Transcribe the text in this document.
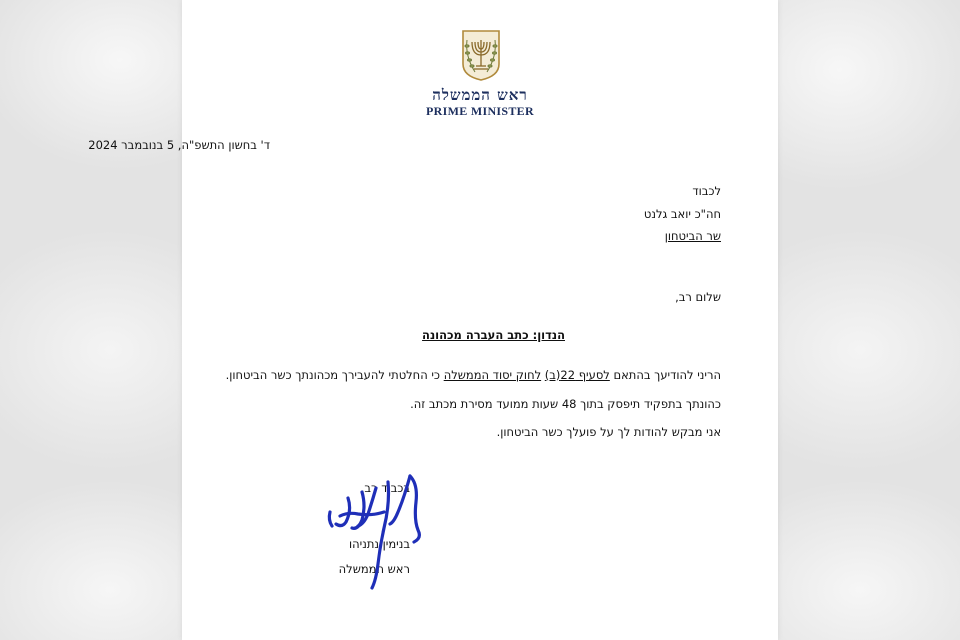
ראש הממשלה
PRIME MINISTER
ד' בחשון התשפ"ה, 5 בנובמבר 2024
לכבוד
חה"כ יואב גלנט
שר הביטחון
שלום רב,
הנדון: כתב העברה מכהונה
הריני להודיעך בהתאם לסעיף 22(ב) לחוק יסוד הממשלה כי החלטתי להעבירך מכהונתך כשר הביטחון.
כהונתך בתפקיד תיפסק בתוך 48 שעות ממועד מסירת מכתב זה.
אני מבקש להודות לך על פועלך כשר הביטחון.
בכבוד רב,
בנימין נתניהו
ראש הממשלה
